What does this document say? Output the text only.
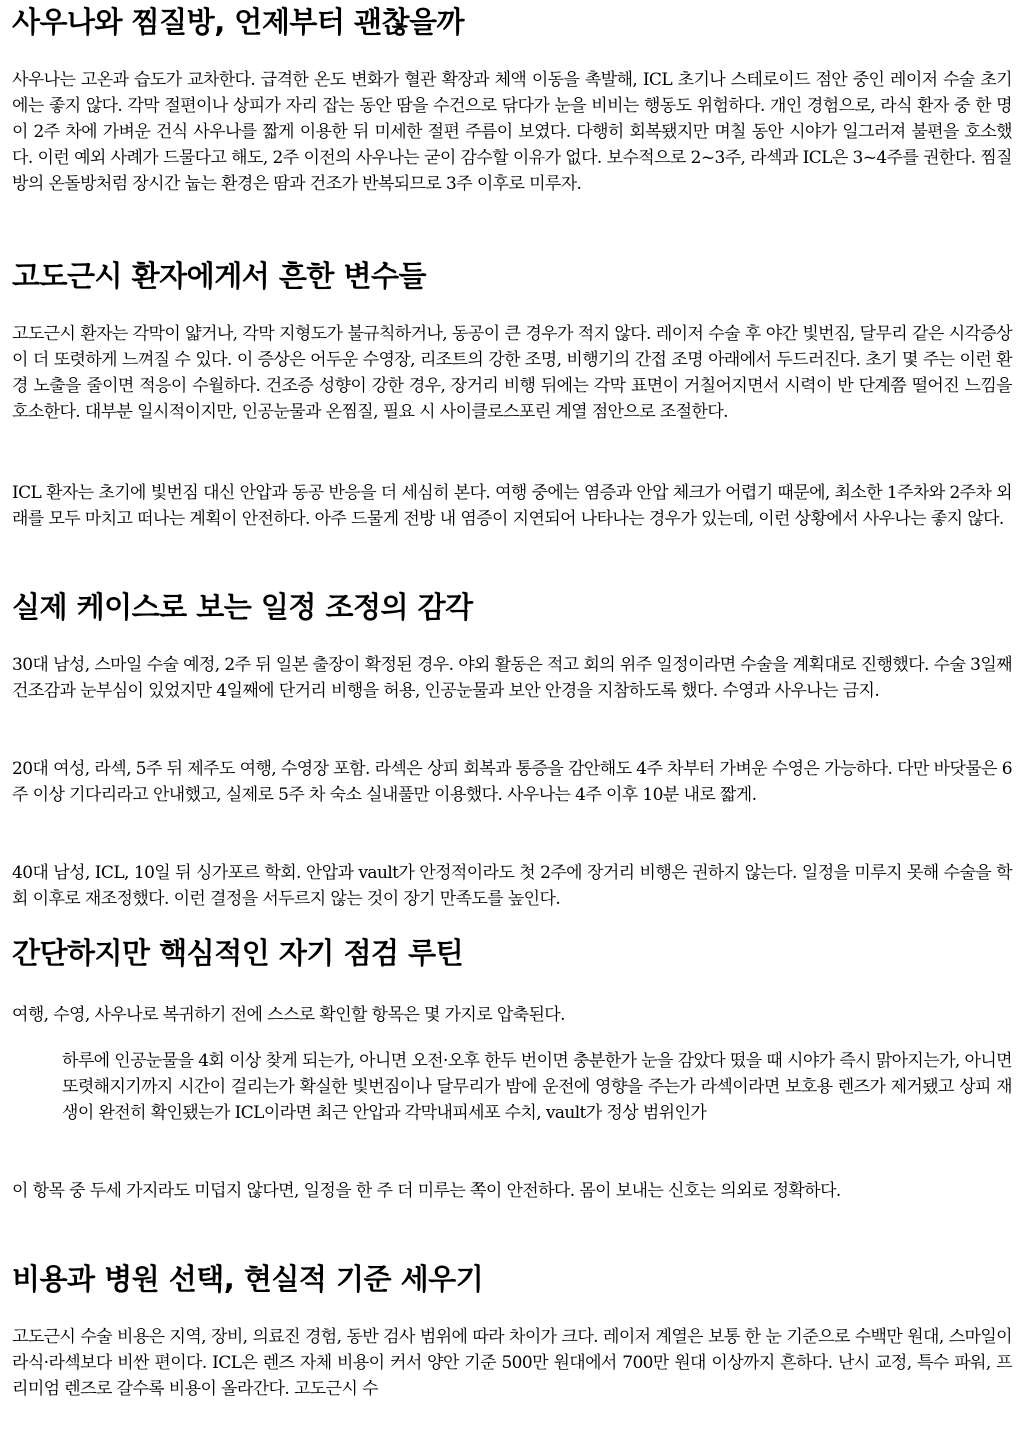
사우나와 찜질방, 언제부터 괜찮을까

사우나는 고온과 습도가 교차한다. 급격한 온도 변화가 혈관 확장과 체액 이동을 촉발해, ICL 초기나 스테로이드 점안 중인 레이저 수술 초기에는 좋지 않다. 각막 절편이나 상피가 자리 잡는 동안 땀을 수건으로 닦다가 눈을 비비는 행동도 위험하다. 개인 경험으로, 라식 환자 중 한 명이 2주 차에 가벼운 건식 사우나를 짧게 이용한 뒤 미세한 절편 주름이 보였다. 다행히 회복됐지만 며칠 동안 시야가 일그러져 불편을 호소했다. 이런 예외 사례가 드물다고 해도, 2주 이전의 사우나는 굳이 감수할 이유가 없다. 보수적으로 2~3주, 라섹과 ICL은 3~4주를 권한다. 찜질방의 온돌방처럼 장시간 눕는 환경은 땀과 건조가 반복되므로 3주 이후로 미루자.

고도근시 환자에게서 흔한 변수들

고도근시 환자는 각막이 얇거나, 각막 지형도가 불규칙하거나, 동공이 큰 경우가 적지 않다. 레이저 수술 후 야간 빛번짐, 달무리 같은 시각증상이 더 또렷하게 느껴질 수 있다. 이 증상은 어두운 수영장, 리조트의 강한 조명, 비행기의 간접 조명 아래에서 두드러진다. 초기 몇 주는 이런 환경 노출을 줄이면 적응이 수월하다. 건조증 성향이 강한 경우, 장거리 비행 뒤에는 각막 표면이 거칠어지면서 시력이 반 단계쯤 떨어진 느낌을 호소한다. 대부분 일시적이지만, 인공눈물과 온찜질, 필요 시 사이클로스포린 계열 점안으로 조절한다.

ICL 환자는 초기에 빛번짐 대신 안압과 동공 반응을 더 세심히 본다. 여행 중에는 염증과 안압 체크가 어렵기 때문에, 최소한 1주차와 2주차 외래를 모두 마치고 떠나는 계획이 안전하다. 아주 드물게 전방 내 염증이 지연되어 나타나는 경우가 있는데, 이런 상황에서 사우나는 좋지 않다.

실제 케이스로 보는 일정 조정의 감각

30대 남성, 스마일 수술 예정, 2주 뒤 일본 출장이 확정된 경우. 야외 활동은 적고 회의 위주 일정이라면 수술을 계획대로 진행했다. 수술 3일째 건조감과 눈부심이 있었지만 4일째에 단거리 비행을 허용, 인공눈물과 보안 안경을 지참하도록 했다. 수영과 사우나는 금지.

20대 여성, 라섹, 5주 뒤 제주도 여행, 수영장 포함. 라섹은 상피 회복과 통증을 감안해도 4주 차부터 가벼운 수영은 가능하다. 다만 바닷물은 6주 이상 기다리라고 안내했고, 실제로 5주 차 숙소 실내풀만 이용했다. 사우나는 4주 이후 10분 내로 짧게.

40대 남성, ICL, 10일 뒤 싱가포르 학회. 안압과 vault가 안정적이라도 첫 2주에 장거리 비행은 권하지 않는다. 일정을 미루지 못해 수술을 학회 이후로 재조정했다. 이런 결정을 서두르지 않는 것이 장기 만족도를 높인다.

간단하지만 핵심적인 자기 점검 루틴

여행, 수영, 사우나로 복귀하기 전에 스스로 확인할 항목은 몇 가지로 압축된다.

하루에 인공눈물을 4회 이상 찾게 되는가, 아니면 오전·오후 한두 번이면 충분한가 눈을 감았다 떴을 때 시야가 즉시 맑아지는가, 아니면 또렷해지기까지 시간이 걸리는가 확실한 빛번짐이나 달무리가 밤에 운전에 영향을 주는가 라섹이라면 보호용 렌즈가 제거됐고 상피 재생이 완전히 확인됐는가 ICL이라면 최근 안압과 각막내피세포 수치, vault가 정상 범위인가

이 항목 중 두세 가지라도 미덥지 않다면, 일정을 한 주 더 미루는 쪽이 안전하다. 몸이 보내는 신호는 의외로 정확하다.

비용과 병원 선택, 현실적 기준 세우기

고도근시 수술 비용은 지역, 장비, 의료진 경험, 동반 검사 범위에 따라 차이가 크다. 레이저 계열은 보통 한 눈 기준으로 수백만 원대, 스마일이 라식·라섹보다 비싼 편이다. ICL은 렌즈 자체 비용이 커서 양안 기준 500만 원대에서 700만 원대 이상까지 흔하다. 난시 교정, 특수 파워, 프리미엄 렌즈로 갈수록 비용이 올라간다. 고도근시 수
